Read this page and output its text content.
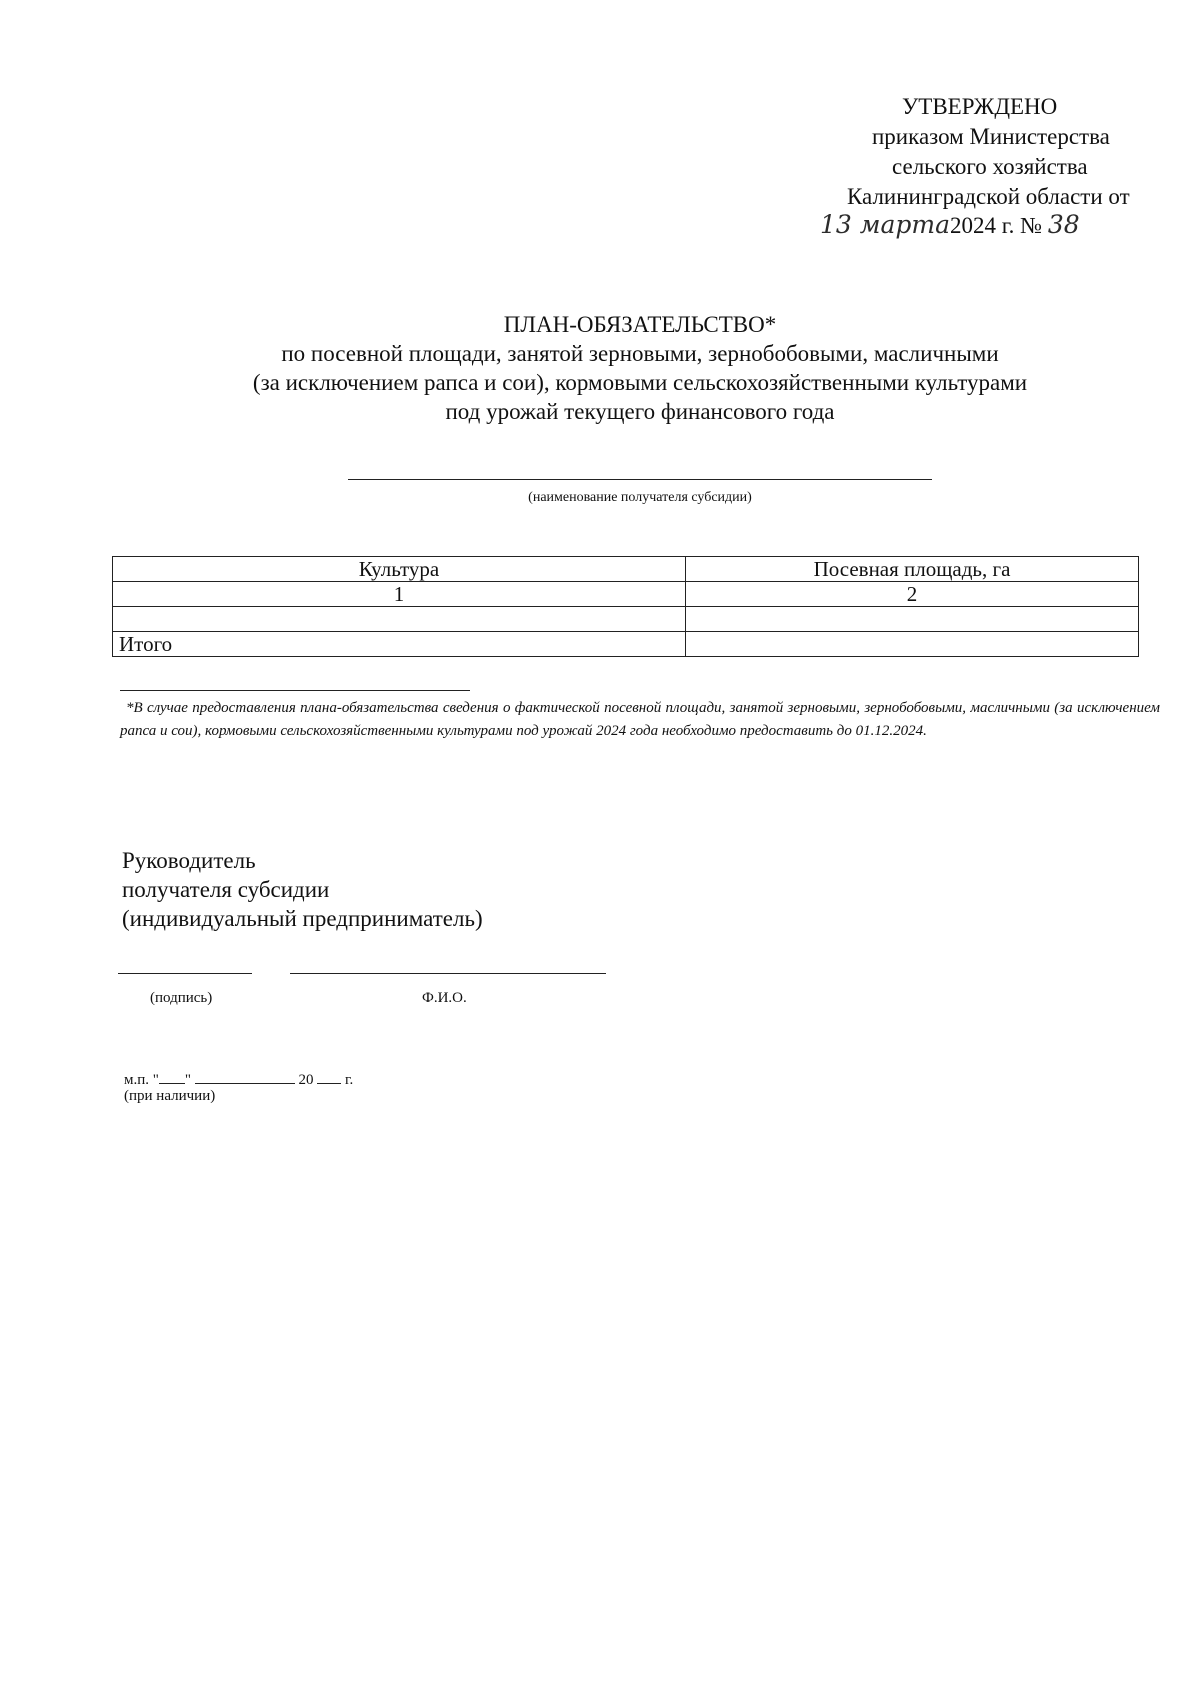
УТВЕРЖДЕНО
приказом Министерства
сельского хозяйства
Калининградской области от
13 марта2024 г. № 38
ПЛАН-ОБЯЗАТЕЛЬСТВО*
по посевной площади, занятой зерновыми, зернобобовыми, масличными
(за исключением рапса и сои), кормовыми сельскохозяйственными культурами
под урожай текущего финансового года
(наименование получателя субсидии)
Культура	Посевная площадь, га
1	2

Итого	
*В случае предоставления плана-обязательства сведения о фактической посевной площади, занятой зерновыми, зернобобовыми, масличными (за исключением рапса и сои), кормовыми сельскохозяйственными культурами под урожай 2024 года необходимо предоставить до 01.12.2024.
Руководитель
получателя субсидии
(индивидуальный предприниматель)
(подпись)	Ф.И.О.
м.п. " "	20 г.
(при наличии)
